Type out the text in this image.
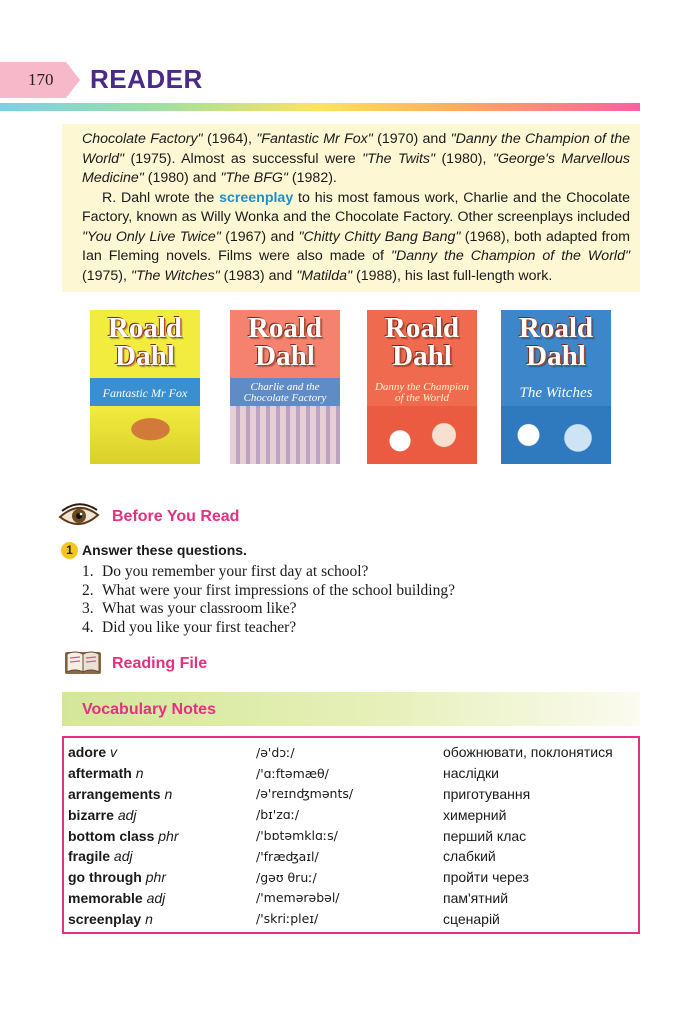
170 READER

Chocolate Factory" (1964), "Fantastic Mr Fox" (1970) and "Danny the Champion of the World" (1975). Almost as successful were "The Twits" (1980), "George's Marvellous Medicine" (1980) and "The BFG" (1982).

R. Dahl wrote the screenplay to his most famous work, Charlie and the Chocolate Factory, known as Willy Wonka and the Chocolate Factory. Other screenplays included "You Only Live Twice" (1967) and "Chitty Chitty Bang Bang" (1968), both adapted from Ian Fleming novels. Films were also made of "Danny the Champion of the World" (1975), "The Witches" (1983) and "Matilda" (1988), his last full-length work.

Roald
Dahl
Fantastic Mr Fox
Roald
Dahl
Charlie and the
Chocolate Factory
Roald
Dahl
Danny the Champion
of the World
Roald
Dahl
The Witches
Before You Read
1 Answer these questions.
1. Do you remember your first day at school?
2. What were your first impressions of the school building?
3. What was your classroom like?
4. Did you like your first teacher?
Reading File
Vocabulary Notes
adore v	/ə'dɔː/	обожнювати, поклонятися
aftermath n	/'ɑːftəmæθ/	наслідки
arrangements n	/ə'reɪnʤmənts/	приготування
bizarre adj	/bɪ'zɑː/	химерний
bottom class phr	/'bɒtəmklɑːs/	перший клас
fragile adj	/'fræʤaɪl/	слабкий
go through phr	/gəʊ θruː/	пройти через
memorable adj	/'memərəbəl/	пам'ятний
screenplay n	/'skriːpleɪ/	сценарій
